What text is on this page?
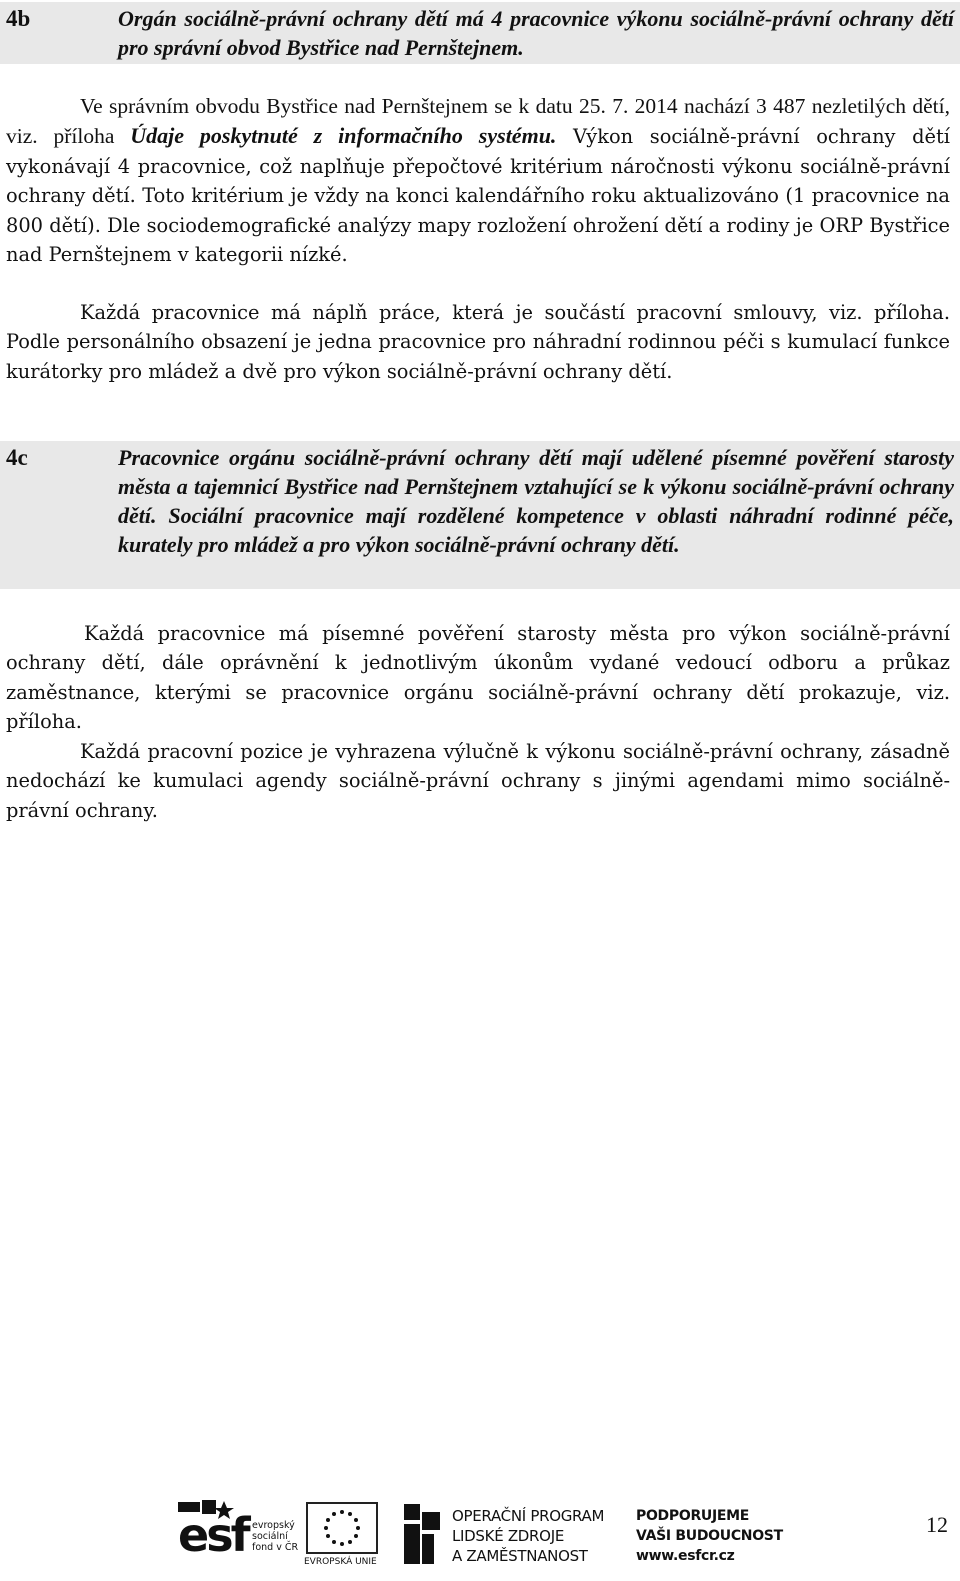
4b	Orgán sociálně-právní ochrany dětí má 4 pracovnice výkonu sociálně-právní ochrany dětí pro správní obvod Bystřice nad Pernštejnem.

Ve správním obvodu Bystřice nad Pernštejnem se k datu 25. 7. 2014 nachází 3 487 nezletilých dětí, viz. příloha Údaje poskytnuté z informačního systému. Výkon sociálně-právní ochrany dětí vykonávají 4 pracovnice, což naplňuje přepočtové kritérium náročnosti výkonu sociálně-právní ochrany dětí. Toto kritérium je vždy na konci kalendářního roku aktualizováno (1 pracovnice na 800 dětí). Dle sociodemografické analýzy mapy rozložení ohrožení dětí a rodiny je ORP Bystřice nad Pernštejnem v kategorii nízké.

Každá pracovnice má náplň práce, která je součástí pracovní smlouvy, viz. příloha. Podle personálního obsazení je jedna pracovnice pro náhradní rodinnou péči s kumulací funkce kurátorky pro mládež a dvě pro výkon sociálně-právní ochrany dětí.

4c	Pracovnice orgánu sociálně-právní ochrany dětí mají udělené písemné pověření starosty města a tajemnicí Bystřice nad Pernštejnem vztahující se k výkonu sociálně-právní ochrany dětí. Sociální pracovnice mají rozdělené kompetence v oblasti náhradní rodinné péče, kurately pro mládež a pro výkon sociálně-právní ochrany dětí.

Každá pracovnice má písemné pověření starosty města pro výkon sociálně-právní ochrany dětí, dále oprávnění k jednotlivým úkonům vydané vedoucí odboru a průkaz zaměstnance, kterými se pracovnice orgánu sociálně-právní ochrany dětí prokazuje, viz. příloha.

Každá pracovní pozice je vyhrazena výlučně k výkonu sociálně-právní ochrany, zásadně nedochází ke kumulaci agendy sociálně-právní ochrany s jinými agendami mimo sociálně-právní ochrany.

esf evropský
sociální
fond v ČR
EVROPSKÁ UNIE
OPERAČNÍ PROGRAM
LIDSKÉ ZDROJE
A ZAMĚSTNANOST
PODPORUJEME
VAŠI BUDOUCNOST
www.esfcr.cz
12
